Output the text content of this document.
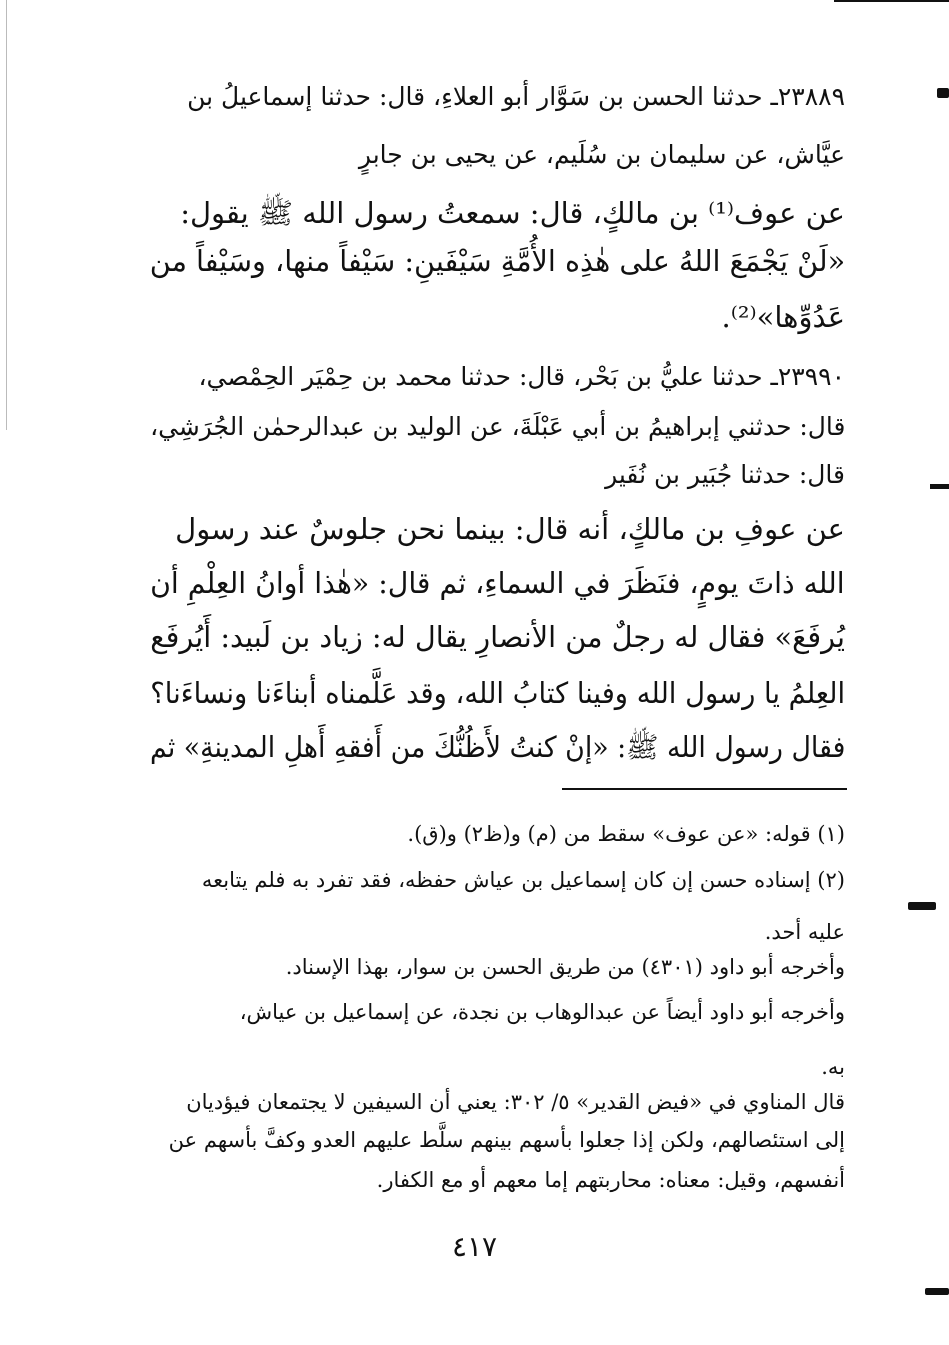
٢٣٨٨٩ـ حدثنا الحسن بن سَوَّار أبو العلاءِ، قال: حدثنا إسماعيلُ بن
عيَّاش، عن سليمان بن سُلَيم، عن يحيى بن جابرٍ
عن عوف⁽¹⁾ بن مالكٍ، قال: سمعتُ رسول الله ﷺ يقول:
«لَنْ يَجْمَعَ اللهُ على هٰذِه الأُمَّةِ سَيْفَينِ: سَيْفاً منها، وسَيْفاً من
عَدُوِّها»⁽²⁾.
٢٣٩٩٠ـ حدثنا عليُّ بن بَحْر، قال: حدثنا محمد بن حِمْيَر الحِمْصي،
قال: حدثني إبراهيمُ بن أبي عَبْلَةَ، عن الوليد بن عبدالرحمٰن الجُرَشِي،
قال: حدثنا جُبَير بن نُفَير
عن عوفِ بن مالكٍ، أنه قال: بينما نحن جلوسٌ عند رسول
الله ذاتَ يومٍ، فنَظَرَ في السماءِ، ثم قال: «هٰذا أوانُ العِلْمِ أن
يُرفَعَ» فقال له رجلٌ من الأنصارِ يقال له: زياد بن لَبيد: أَيُرفَع
العِلمُ يا رسول الله وفينا كتابُ الله، وقد عَلَّمناه أبناءَنا ونساءَنا؟
فقال رسول الله ﷺ: «إنْ كنتُ لأَظُنُّكَ من أَفقهِ أَهلِ المدينةِ» ثم
(١) قوله: «عن عوف» سقط من (م) و(ظ٢) و(ق).
(٢) إسناده حسن إن كان إسماعيل بن عياش حفظه، فقد تفرد به فلم يتابعه
عليه أحد.
وأخرجه أبو داود (٤٣٠١) من طريق الحسن بن سوار، بهذا الإسناد.
وأخرجه أبو داود أيضاً عن عبدالوهاب بن نجدة، عن إسماعيل بن عياش،
به.
قال المناوي في «فيض القدير» ٥/ ٣٠٢: يعني أن السيفين لا يجتمعان فيؤديان
إلى استئصالهم، ولكن إذا جعلوا بأسهم بينهم سلَّط عليهم العدو وكفَّ بأسهم عن
أنفسهم، وقيل: معناه: محاربتهم إما معهم أو مع الكفار.
٤١٧
